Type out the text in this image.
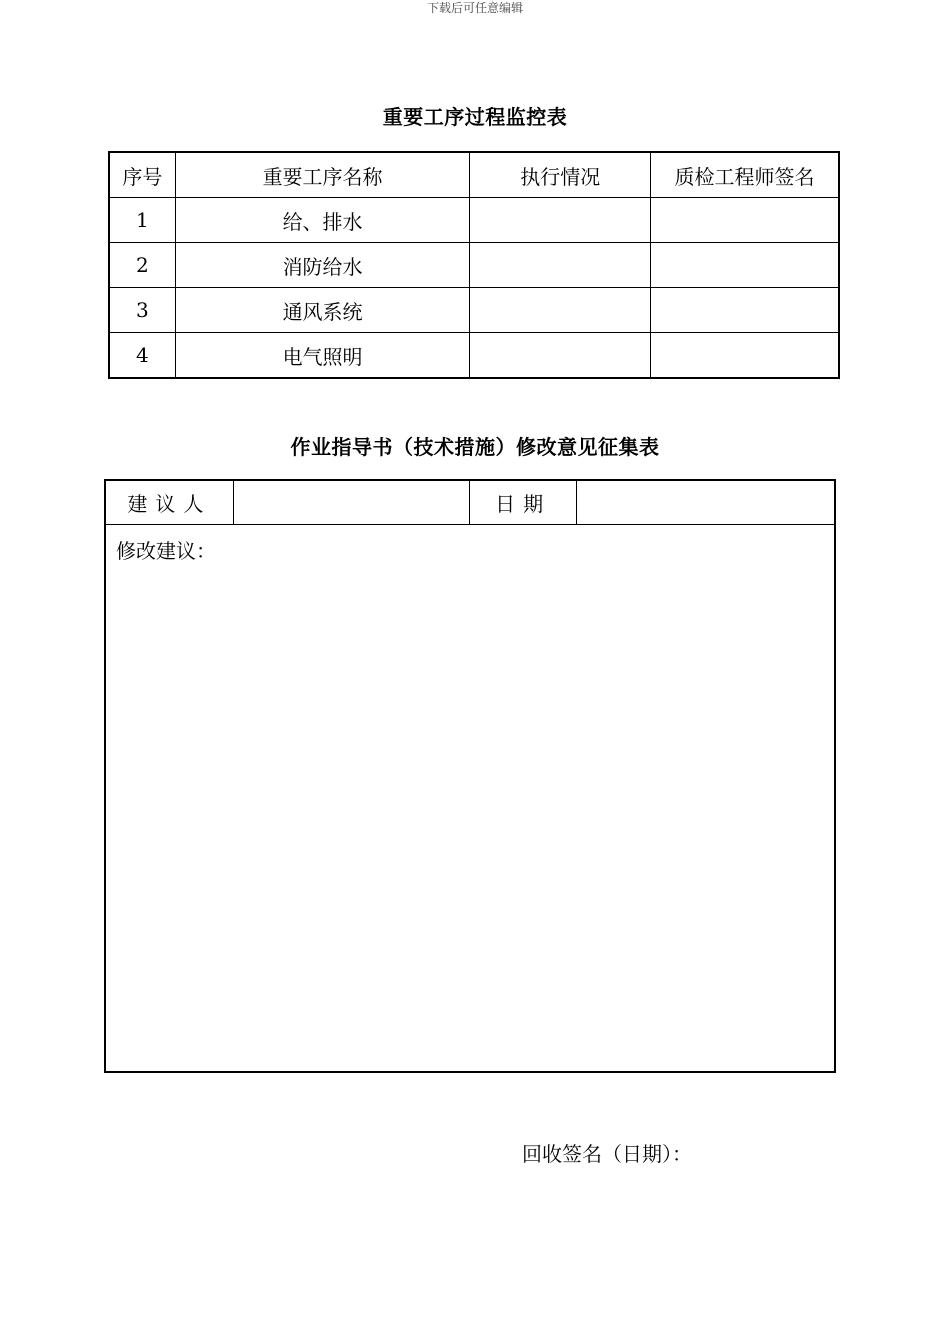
下载后可任意编辑
重要工序过程监控表
序号	重要工序名称	执行情况	质检工程师签名
1	给、排水		
2	消防给水		
3	通风系统		
4	电气照明		
作业指导书（技术措施）修改意见征集表
建议人		日期	
修改建议：
回收签名（日期）：
